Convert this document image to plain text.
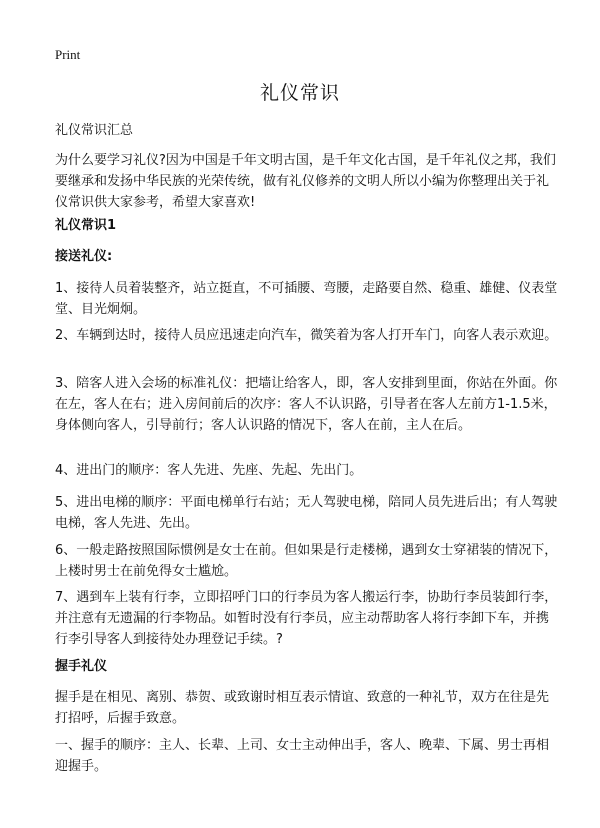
Print
礼仪常识

礼仪常识汇总

为什么要学习礼仪?因为中国是千年文明古国，是千年文化古国，是千年礼仪之邦，我们要继承和发扬中华民族的光荣传统，做有礼仪修养的文明人所以小编为你整理出关于礼仪常识供大家参考，希望大家喜欢!

礼仪常识1

接送礼仪:

1、接待人员着装整齐，站立挺直，不可插腰、弯腰，走路要自然、稳重、雄健、仪表堂堂、目光炯炯。

2、车辆到达时，接待人员应迅速走向汽车，微笑着为客人打开车门，向客人表示欢迎。

3、陪客人进入会场的标准礼仪：把墙让给客人，即，客人安排到里面，你站在外面。你在左，客人在右；进入房间前后的次序：客人不认识路，引导者在客人左前方1-1.5米，身体侧向客人，引导前行；客人认识路的情况下，客人在前，主人在后。

4、进出门的顺序：客人先进、先座、先起、先出门。

5、进出电梯的顺序：平面电梯单行右站；无人驾驶电梯，陪同人员先进后出；有人驾驶电梯，客人先进、先出。

6、一般走路按照国际惯例是女士在前。但如果是行走楼梯，遇到女士穿裙装的情况下，上楼时男士在前免得女士尴尬。

7、遇到车上装有行李，立即招呼门口的行李员为客人搬运行李，协助行李员装卸行李，并注意有无遗漏的行李物品。如暂时没有行李员，应主动帮助客人将行李卸下车，并携行李引导客人到接待处办理登记手续。?

握手礼仪

握手是在相见、离别、恭贺、或致谢时相互表示情谊、致意的一种礼节，双方在往是先打招呼，后握手致意。

一、握手的顺序：主人、长辈、上司、女士主动伸出手，客人、晚辈、下属、男士再相迎握手。
